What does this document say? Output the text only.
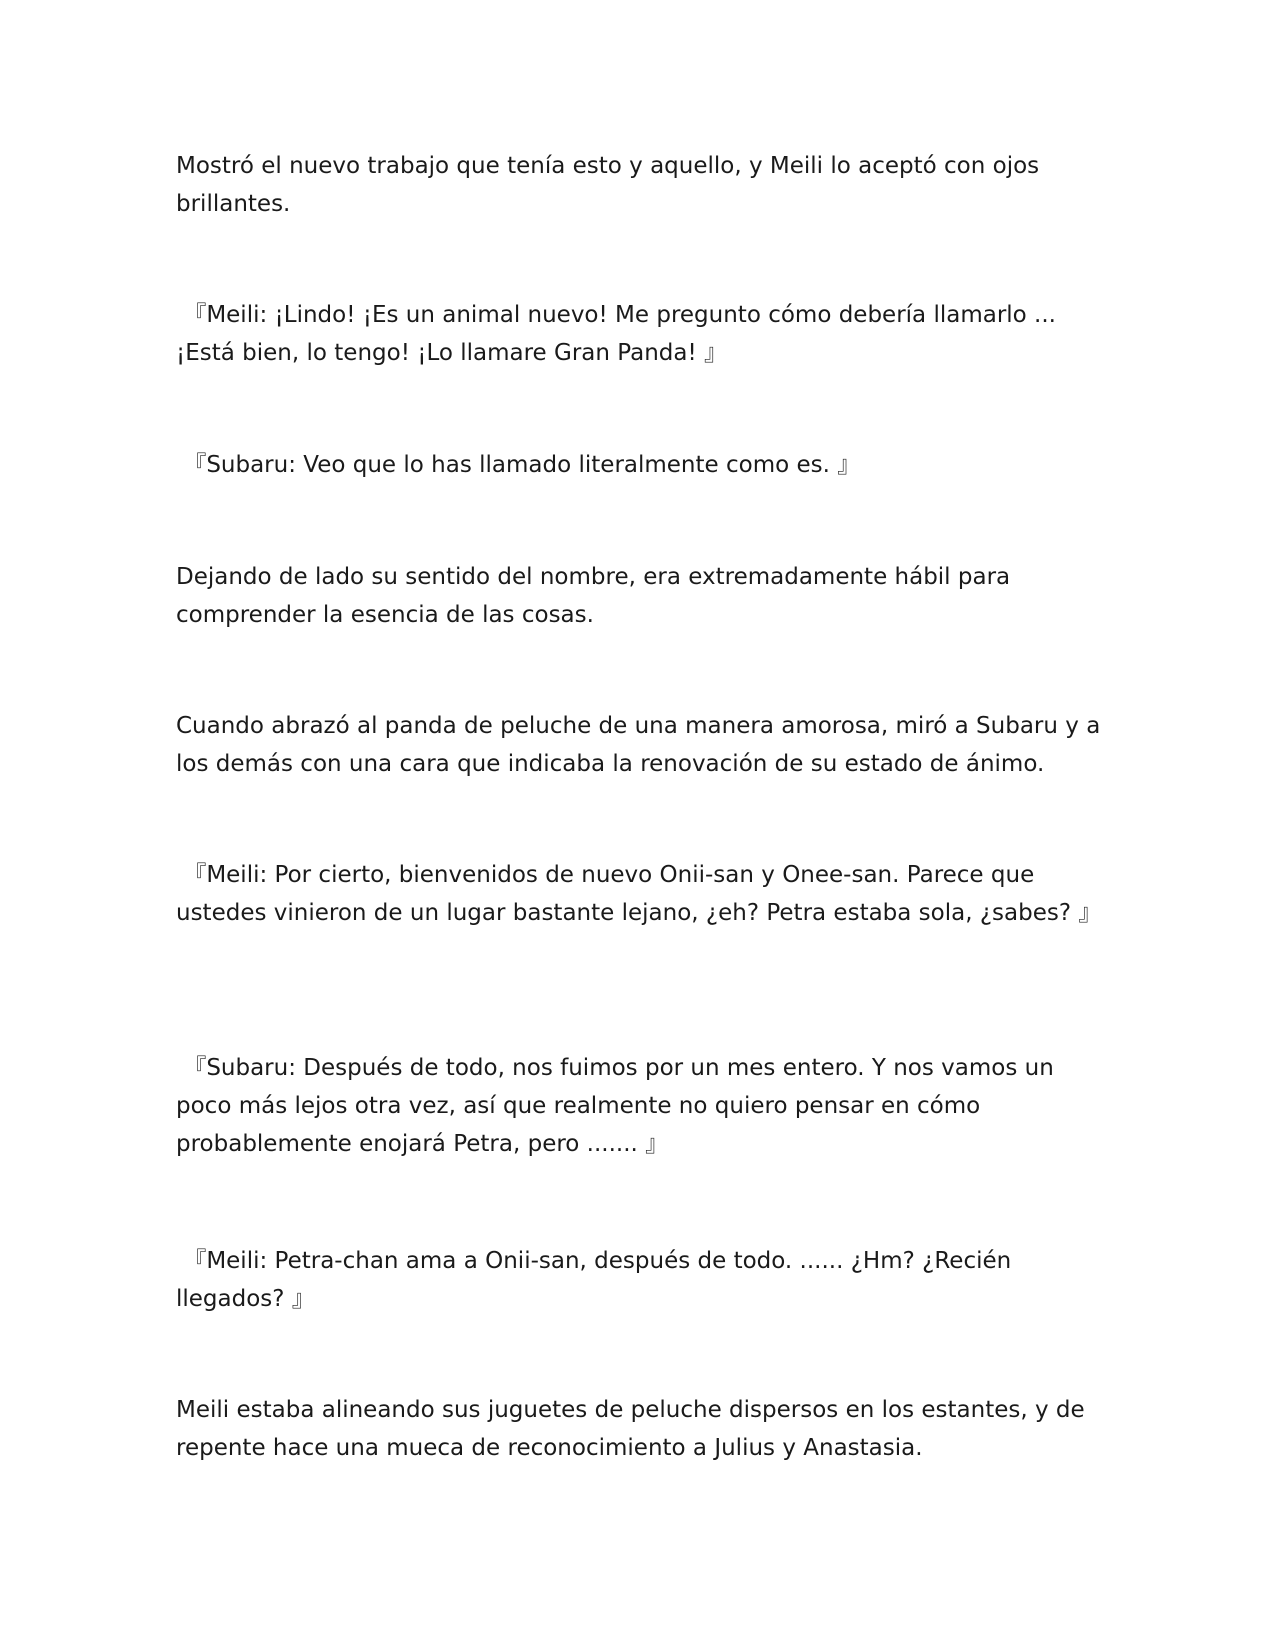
Mostró el nuevo trabajo que tenía esto y aquello, y Meili lo aceptó con ojos brillantes.

『Meili: ¡Lindo! ¡Es un animal nuevo! Me pregunto cómo debería llamarlo ... ¡Está bien, lo tengo! ¡Lo llamare Gran Panda! 』

『Subaru: Veo que lo has llamado literalmente como es. 』

Dejando de lado su sentido del nombre, era extremadamente hábil para comprender la esencia de las cosas.

Cuando abrazó al panda de peluche de una manera amorosa, miró a Subaru y a los demás con una cara que indicaba la renovación de su estado de ánimo.

『Meili: Por cierto, bienvenidos de nuevo Onii-san y Onee-san. Parece que ustedes vinieron de un lugar bastante lejano, ¿eh? Petra estaba sola, ¿sabes? 』

『Subaru: Después de todo, nos fuimos por un mes entero. Y nos vamos un poco más lejos otra vez, así que realmente no quiero pensar en cómo probablemente enojará Petra, pero ....... 』

『Meili: Petra-chan ama a Onii-san, después de todo. ...... ¿Hm? ¿Recién llegados? 』

Meili estaba alineando sus juguetes de peluche dispersos en los estantes, y de repente hace una mueca de reconocimiento a Julius y Anastasia.
